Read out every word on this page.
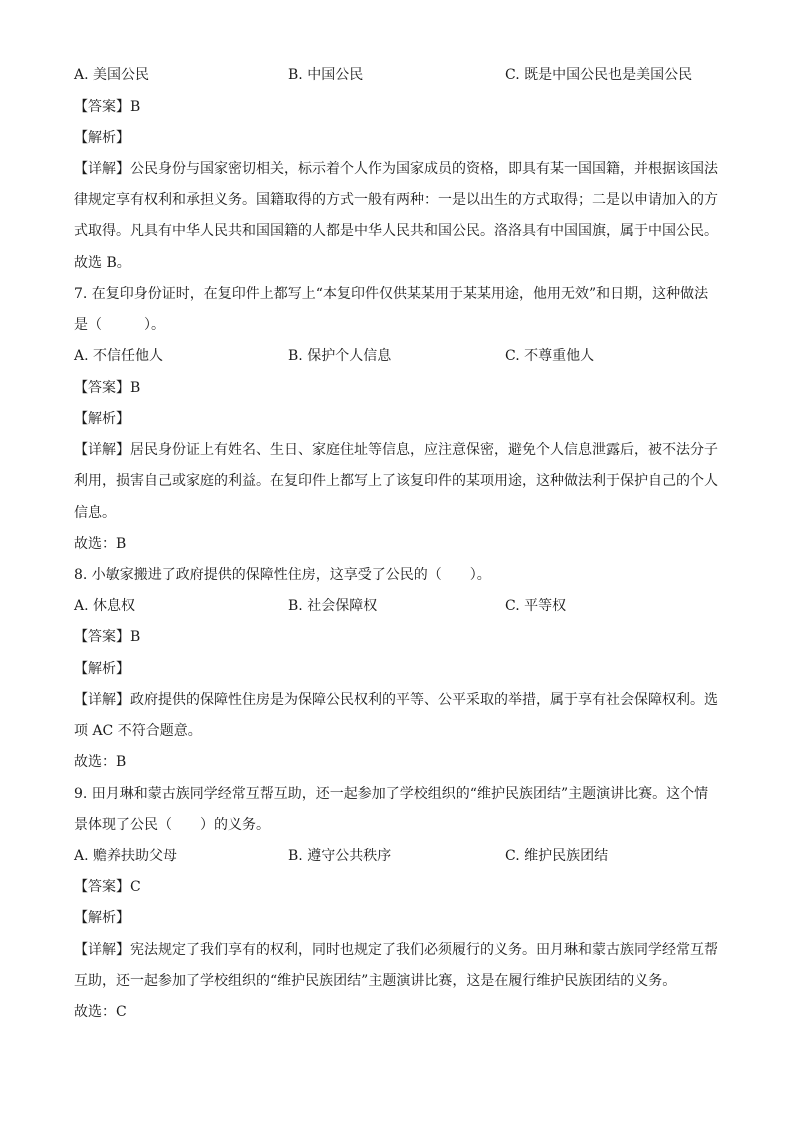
A. 美国公民	B. 中国公民	C. 既是中国公民也是美国公民
【答案】B
【解析】
【详解】公民身份与国家密切相关，标示着个人作为国家成员的资格，即具有某一国国籍，并根据该国法
律规定享有权利和承担义务。国籍取得的方式一般有两种：一是以出生的方式取得；二是以申请加入的方
式取得。凡具有中华人民共和国国籍的人都是中华人民共和国公民。洛洛具有中国国旗，属于中国公民。
故选 B。
7. 在复印身份证时，在复印件上都写上“本复印件仅供某某用于某某用途，他用无效”和日期，这种做法
是（　　　）。
A. 不信任他人	B. 保护个人信息	C. 不尊重他人
【答案】B
【解析】
【详解】居民身份证上有姓名、生日、家庭住址等信息，应注意保密，避免个人信息泄露后，被不法分子
利用，损害自己或家庭的利益。在复印件上都写上了该复印件的某项用途，这种做法利于保护自己的个人
信息。
故选：B
8. 小敏家搬进了政府提供的保障性住房，这享受了公民的（　　）。
A. 休息权	B. 社会保障权	C. 平等权
【答案】B
【解析】
【详解】政府提供的保障性住房是为保障公民权利的平等、公平采取的举措，属于享有社会保障权利。选
项 AC 不符合题意。
故选：B
9. 田月琳和蒙古族同学经常互帮互助，还一起参加了学校组织的“维护民族团结”主题演讲比赛。这个情
景体现了公民（　　）的义务。
A. 赡养扶助父母	B. 遵守公共秩序	C. 维护民族团结
【答案】C
【解析】
【详解】宪法规定了我们享有的权利，同时也规定了我们必须履行的义务。田月琳和蒙古族同学经常互帮
互助，还一起参加了学校组织的“维护民族团结”主题演讲比赛，这是在履行维护民族团结的义务。
故选：C
